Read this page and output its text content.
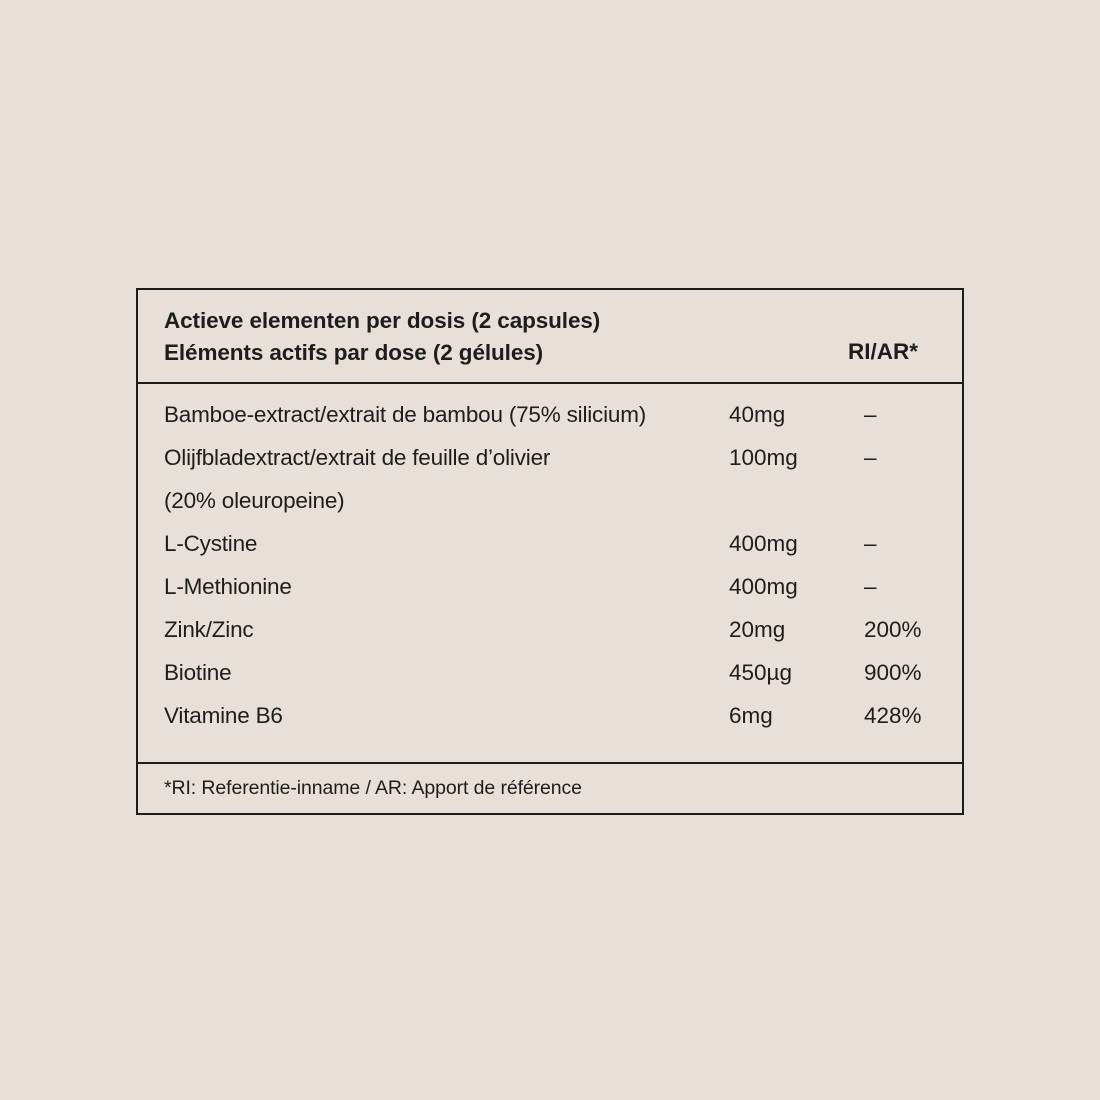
Actieve elementen per dosis (2 capsules)
Eléments actifs par dose (2 gélules)	RI/AR*
Bamboe-extract/extrait de bambou (75% silicium)	40mg	–
Olijfbladextract/extrait de feuille d’olivier	100mg	–
(20% oleuropeine)
L-Cystine	400mg	–
L-Methionine	400mg	–
Zink/Zinc	20mg	200%
Biotine	450µg	900%
Vitamine B6	6mg	428%
*RI: Referentie-inname / AR: Apport de référence
